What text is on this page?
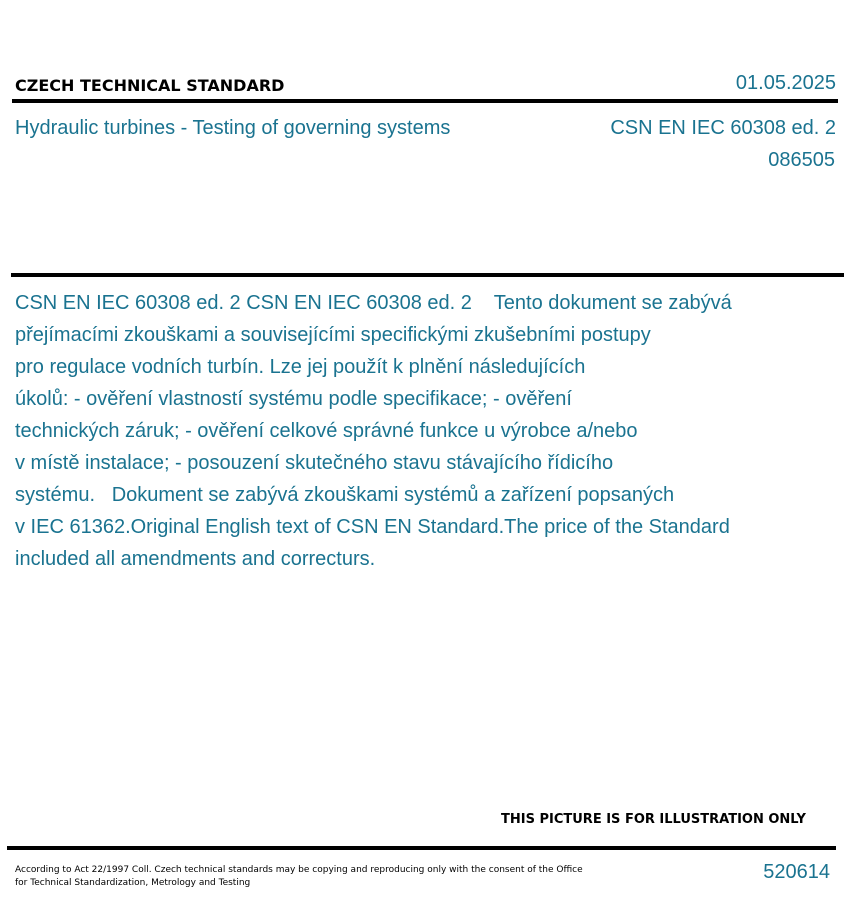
CZECH TECHNICAL STANDARD	01.05.2025
Hydraulic turbines - Testing of governing systems	CSN EN IEC 60308 ed. 2
086505
CSN EN IEC 60308 ed. 2 CSN EN IEC 60308 ed. 2    Tento dokument se zabývá
přejímacími zkouškami a souvisejícími specifickými zkušebními postupy
pro regulace vodních turbín. Lze jej použít k plnění následujících
úkolů: - ověření vlastností systému podle specifikace; - ověření
technických záruk; - ověření celkové správné funkce u výrobce a/nebo
v místě instalace; - posouzení skutečného stavu stávajícího řídicího
systému.   Dokument se zabývá zkouškami systémů a zařízení popsaných
v IEC 61362.Original English text of CSN EN Standard.The price of the Standard
included all amendments and correcturs.
THIS PICTURE IS FOR ILLUSTRATION ONLY
According to Act 22/1997 Coll. Czech technical standards may be copying and reproducing only with the consent of the Office
for Technical Standardization, Metrology and Testing	520614
